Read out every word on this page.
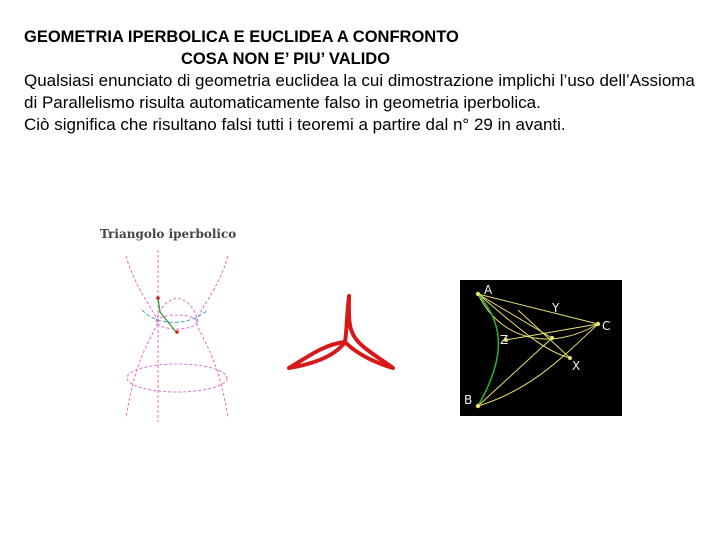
GEOMETRIA IPERBOLICA E EUCLIDEA A CONFRONTO
COSA NON E’ PIU’ VALIDO

Qualsiasi enunciato di geometria euclidea la cui dimostrazione implichi l’uso dell’Assioma di Parallelismo risulta automaticamente falso in geometria iperbolica.

Ciò significa che risultano falsi tutti i teoremi a partire dal n° 29 in avanti.

Triangolo iperbolico
A
B
C
X
Y
Z
